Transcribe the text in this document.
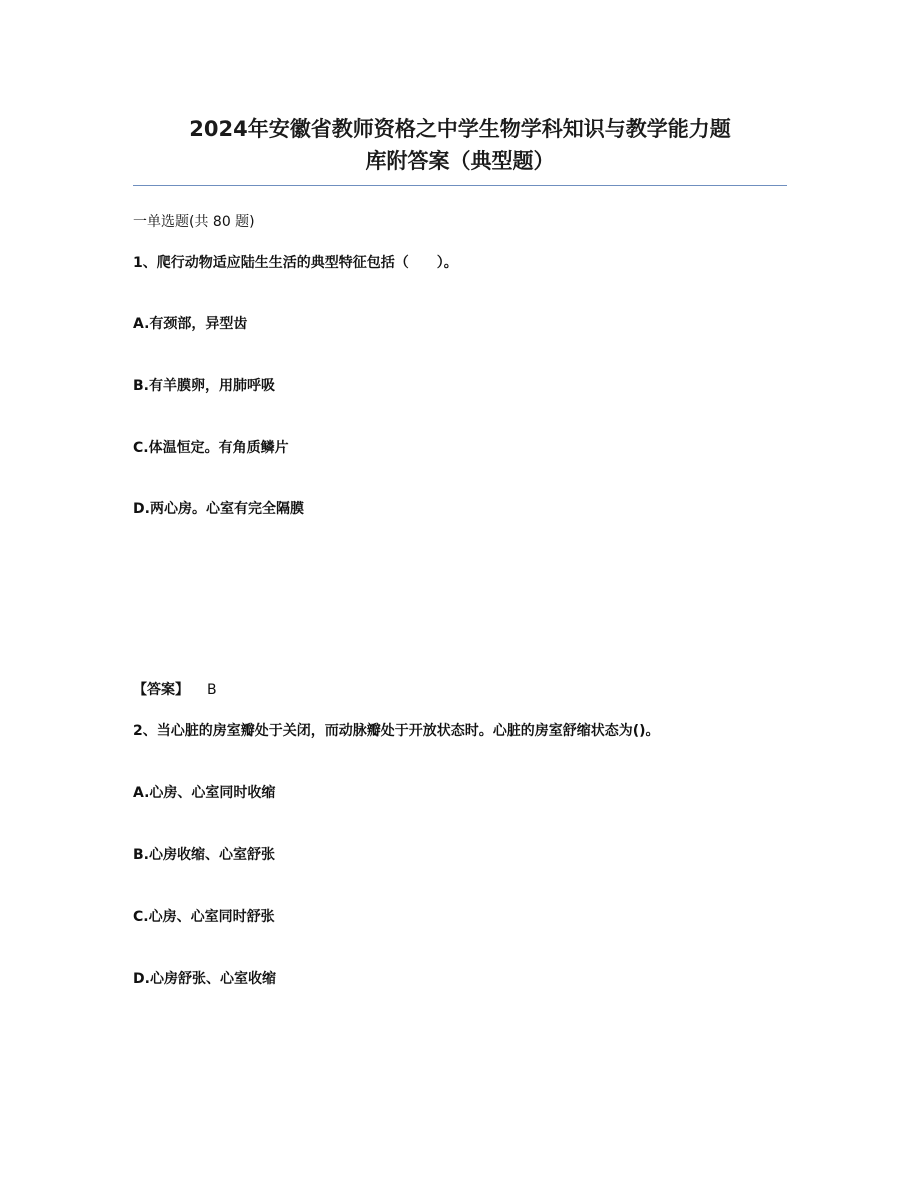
2024年安徽省教师资格之中学生物学科知识与教学能力题
库附答案（典型题）

一单选题(共 80 题)

1、爬行动物适应陆生生活的典型特征包括（　　）。

A.有颈部，异型齿

B.有羊膜卵，用肺呼吸

C.体温恒定。有角质鳞片

D.两心房。心室有完全隔膜

【答案】 B

2、当心脏的房室瓣处于关闭，而动脉瓣处于开放状态时。心脏的房室舒缩状态为()。

A.心房、心室同时收缩

B.心房收缩、心室舒张

C.心房、心室同时舒张

D.心房舒张、心室收缩
